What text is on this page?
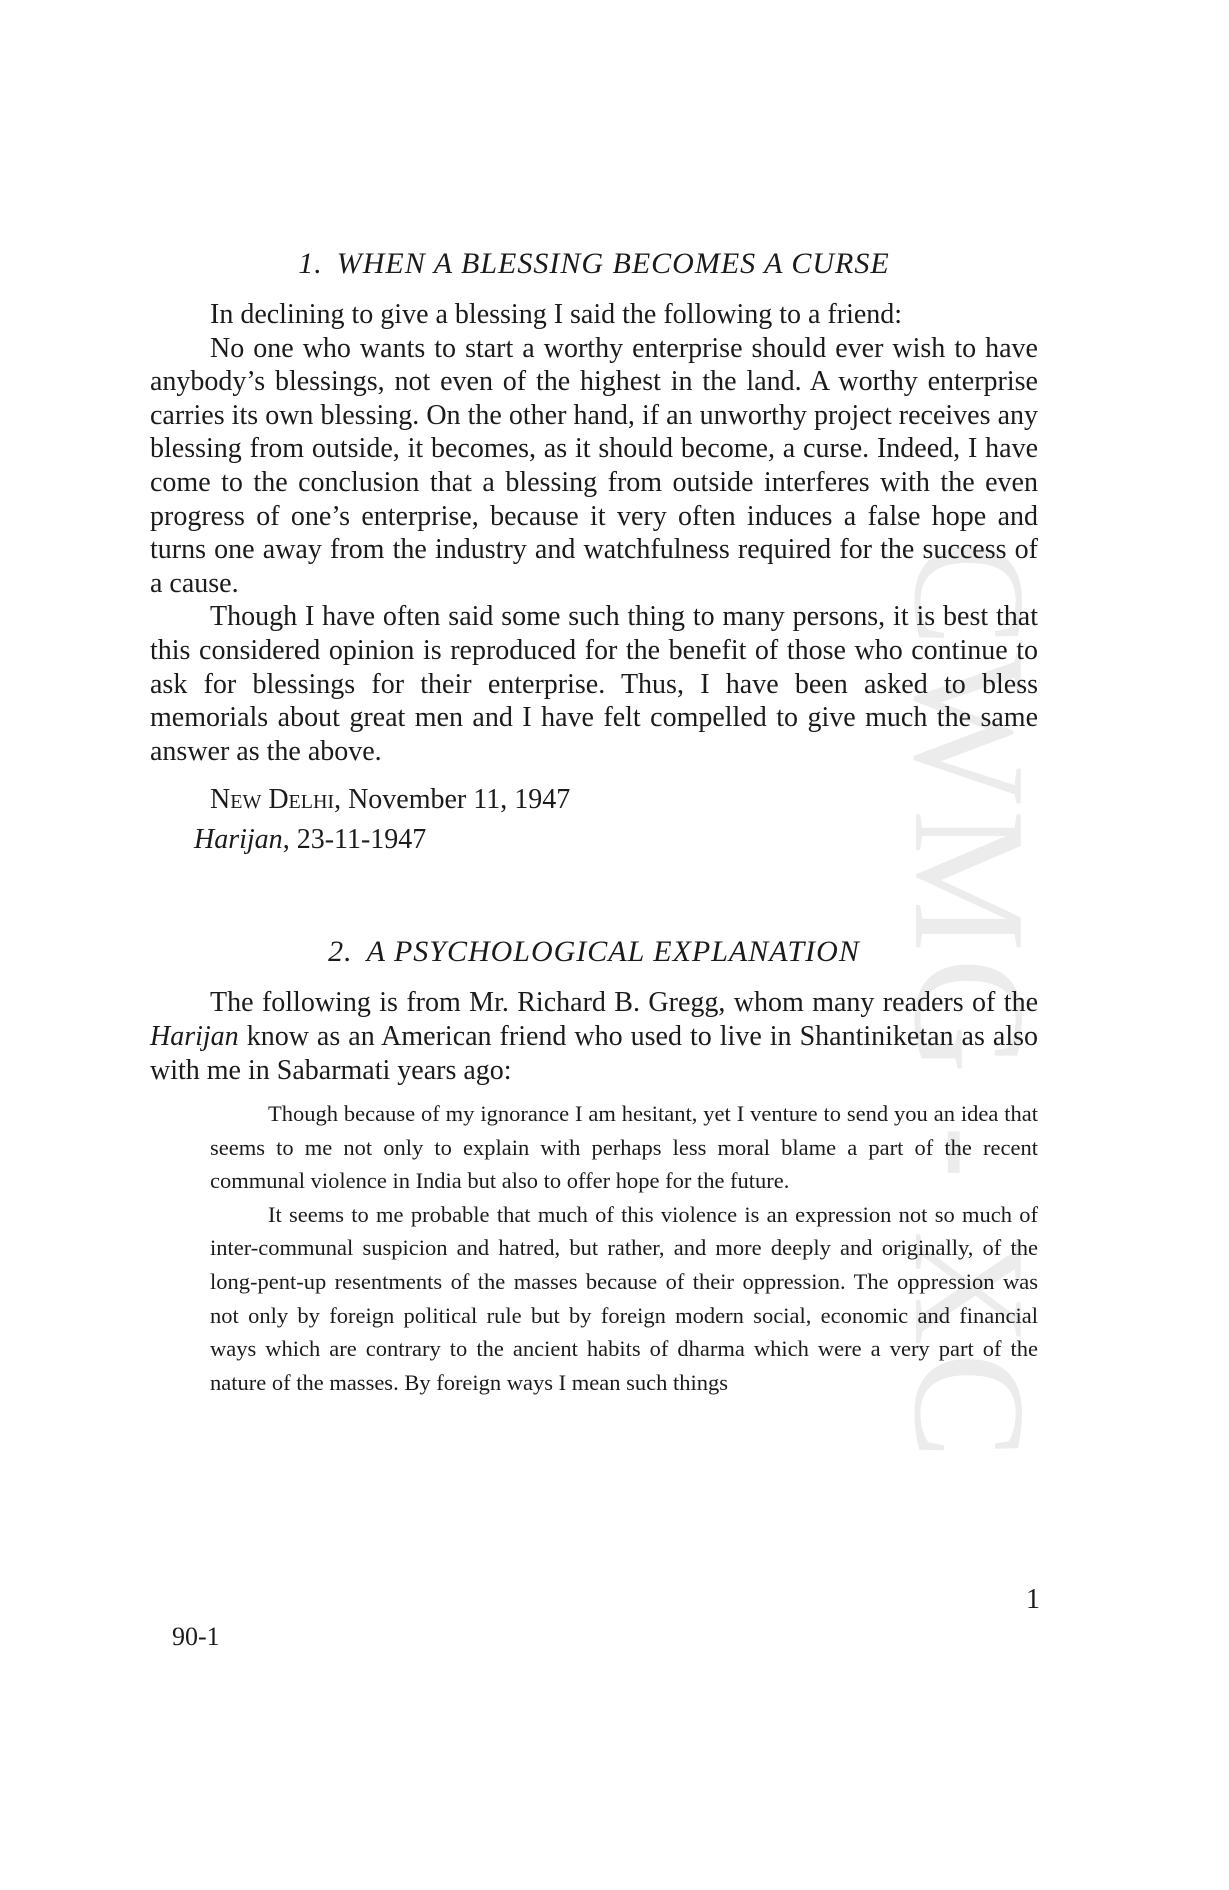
CWMG - XC
1. WHEN A BLESSING BECOMES A CURSE

In declining to give a blessing I said the following to a friend:

No one who wants to start a worthy enterprise should ever wish to have anybody’s blessings, not even of the highest in the land. A worthy enterprise carries its own blessing. On the other hand, if an unworthy project receives any blessing from outside, it becomes, as it should become, a curse. Indeed, I have come to the conclusion that a blessing from outside interferes with the even progress of one’s enterprise, because it very often induces a false hope and turns one away from the industry and watchfulness required for the success of a cause.

Though I have often said some such thing to many persons, it is best that this considered opinion is reproduced for the benefit of those who continue to ask for blessings for their enterprise. Thus, I have been asked to bless memorials about great men and I have felt compelled to give much the same answer as the above.

New Delhi, November 11, 1947

Harijan, 23-11-1947

2. A PSYCHOLOGICAL EXPLANATION

The following is from Mr. Richard B. Gregg, whom many readers of the Harijan know as an American friend who used to live in Shantiniketan as also with me in Sabarmati years ago:

Though because of my ignorance I am hesitant, yet I venture to send you an idea that seems to me not only to explain with perhaps less moral blame a part of the recent communal violence in India but also to offer hope for the future.

It seems to me probable that much of this violence is an expression not so much of inter-communal suspicion and hatred, but rather, and more deeply and originally, of the long-pent-up resentments of the masses because of their oppression. The oppression was not only by foreign political rule but by foreign modern social, economic and financial ways which are contrary to the ancient habits of dharma which were a very part of the nature of the masses. By foreign ways I mean such things

1
90-1
